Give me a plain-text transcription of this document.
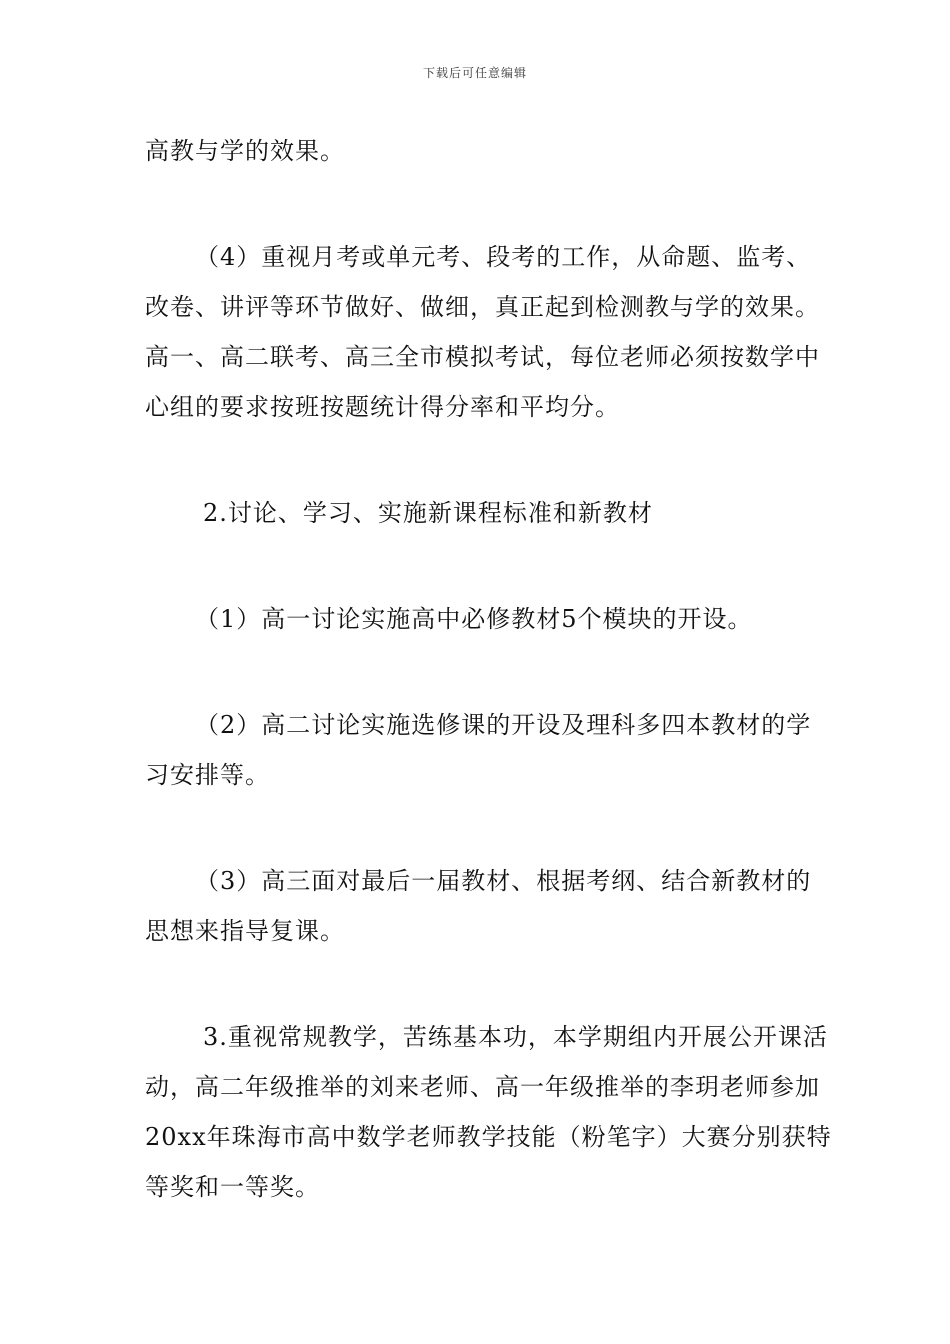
下载后可任意编辑

高教与学的效果。

（4）重视月考或单元考、段考的工作，从命题、监考、改卷、讲评等环节做好、做细，真正起到检测教与学的效果。高一、高二联考、高三全市模拟考试，每位老师必须按数学中心组的要求按班按题统计得分率和平均分。

2.讨论、学习、实施新课程标准和新教材

（1）高一讨论实施高中必修教材5个模块的开设。

（2）高二讨论实施选修课的开设及理科多四本教材的学习安排等。

（3）高三面对最后一届教材、根据考纲、结合新教材的思想来指导复课。

3.重视常规教学，苦练基本功，本学期组内开展公开课活动，高二年级推举的刘来老师、高一年级推举的李玥老师参加20xx年珠海市高中数学老师教学技能（粉笔字）大赛分别获特等奖和一等奖。
